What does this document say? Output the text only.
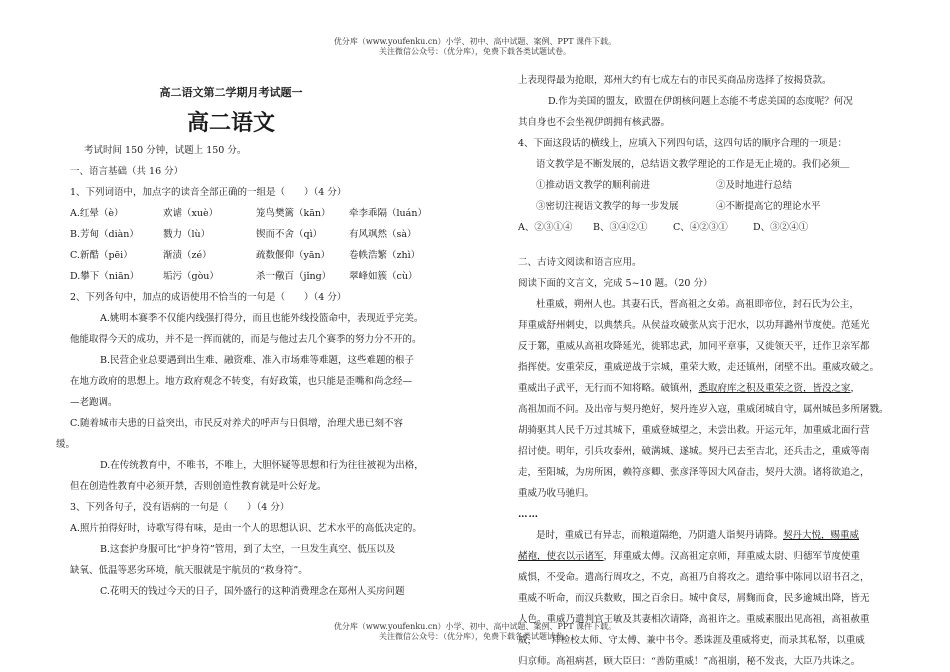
优分库（www.youfenku.cn）小学、初中、高中试题、案例、PPT 课件下载。
关注微信公众号：（优分库），免费下载各类试题试卷。
高二语文第二学期月考试题一
高二语文

考试时间 150 分钟，试题上 150 分。

一、语言基础（共 16 分）

1、下列词语中，加点字的读音全部正确的一组是（　　）（4 分）

A.红晕（è）	欢谑（xuè）	笼鸟樊篱（kān）	牵李乖隔（luán）

B.芳甸（diàn）	戮力（lù）	锲而不舍（qì）	有风飒然（sà）

C.新酷（pēi）	渐渍（zé）	疏数偃仰（yān）	卷帙浩繁（zhì）

D.攀下（niān）	垢污（gòu）	杀一儆百（jǐng）	翠峰如簇（cù）

2、下列各句中，加点的成语使用不恰当的一句是（　　）（4 分）

A.姚明本赛季不仅能内线强打得分，而且也能外线投篮命中，表现近乎完美。

他能取得今天的成功，并不是一挥而就的，而是与他过去几个赛季的努力分不开的。

B.民营企业总要遇到出生难、融资难、准入市场难等难题，这些难题的根子

在地方政府的思想上。地方政府观念不转变，有好政策，也只能是歪嘴和尚念经—

—老跑调。

C.随着城市夫患的日益突出，市民反对养犬的呼声与日俱增，治理犬患已刻不容

缓。

D.在传统教育中，不唯书，不唯上，大胆怀疑等思想和行为往往被视为出格，

但在创造性教育中必须开禁，否则创造性教育就是叶公好龙。

3、下列各句子，没有语病的一句是（　　）（4 分）

A.照片拍得好时，诗歌写得有味，是由一个人的思想认识、艺术水平的高低决定的。

B.这套护身服可比“护身符”管用，到了太空，一旦发生真空、低压以及

缺氧、低温等恶劣环境，航天服就是宇航员的“救身符”。

C.花明天的钱过今天的日子，国外盛行的这种消费理念在郑州人买房问题

上表现得最为抢眼，郑州大约有七成左右的市民买商品房选择了按揭贷款。

D.作为美国的盟友，欧盟在伊朗核问题上态能不考虑美国的态度呢？何况

其自身也不会坐视伊朗拥有核武器。

4、下面这段话的横线上，应填入下列四句话，这四句话的顺序合理的一项是：

语文教学是不断发展的，总结语文教学理论的工作是无止境的。我们必须＿

①推动语文教学的顺利前进	②及时地进行总结

③密切注视语文教学的每一步发展	④不断提高它的理论水平

A、②③①④	B、③④②①	C、④②③①	D、③②④①

二、古诗文阅读和语言应用。

阅读下面的文言文，完成 5~10 题。（20 分）

杜重威，朔州人也。其妻石氏，晋高祖之女弟。高祖即帝位，封石氏为公主，

拜重威舒州刺史，以典禁兵。从侯益攻破张从宾于汜水，以功拜潞州节度使。范延光

反于鄴，重威从高祖攻降延光，徙郓忠武，加同平章事，又徙领天平，迁作卫亲军都

指挥使。安重荣反，重威逆战于宗城，重荣大败，走还镇州，闭壁不出。重威攻破之。

重威出子武平，无行而不知将略。破镇州，悉取府库之积及重荣之资，皆没之家，

高祖加而不问。及出帝与契丹绝好，契丹连岁入寇，重威闭城自守，属州城邑多所屠戮。

胡骑驱其人民千万过其城下，重威登城望之，未尝出救。开运元年，加重威北面行营

招讨使。明年，引兵攻泰州，破满城、遂城。契丹已去至吉北，还兵击之，重威等南

走，至阳城，为房所困，赖符彦卿、张彦泽等因大风奋击，契丹大溃。诸将欲追之，

重威乃收马驰归。

……

是时，重威已有异志，而粮道隔绝，乃阴遣人诣契丹请降。契丹大悦，赐重威

赭袍，使衣以示诸军，拜重威太傅。汉高祖定京师，拜重威太尉、归德军节度使重

威惧，不受命。遣高行周攻之，不克，高祖乃自将攻之。遣给事中陈同以诏书召之，

重威不听命，而汉兵数败，围之百余日。城中食尽，屑麴而食，民多逾城出降，皆无

人色。重威乃遣判官王敏及其妻相次请降，高祖许之。重威素服出见高祖，高祖赦重

威，　　拜检校太师、守太傅、兼中书令。悉诛涯及重威将吏，而录其私帑，以重威

归京师。高祖病甚，顾大臣曰：“善防重威！”高祖崩，秘不发丧，大臣乃共诛之。

优分库（www.youfenku.cn）小学、初中、高中试题、案例、PPT 课件下载。
关注微信公众号：（优分库），免费下载各类试题试卷。
